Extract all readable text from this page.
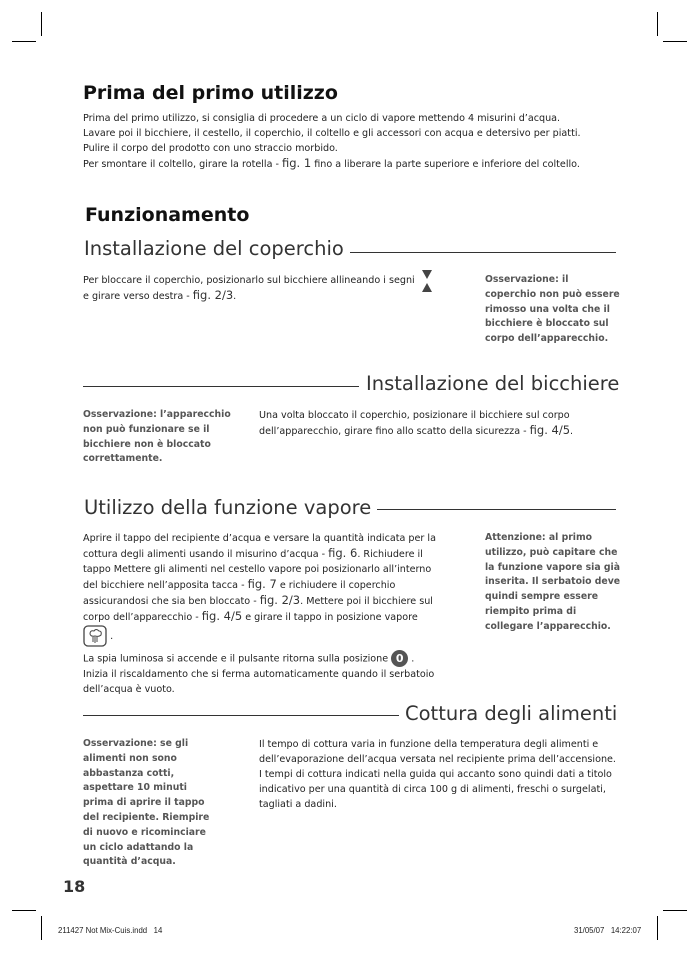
Prima del primo utilizzo
Prima del primo utilizzo, si consiglia di procedere a un ciclo di vapore mettendo 4 misurini d’acqua.
Lavare poi il bicchiere, il cestello, il coperchio, il coltello e gli accessori con acqua e detersivo per piatti.
Pulire il corpo del prodotto con uno straccio morbido.
Per smontare il coltello, girare la rotella - fig. 1 fino a liberare la parte superiore e inferiore del coltello.
Funzionamento
Installazione del coperchio
Per bloccare il coperchio, posizionarlo sul bicchiere allineando i segni
e girare verso destra - fig. 2/3.
Osservazione: il coperchio non può essere rimosso una volta che il bicchiere è bloccato sul corpo dell’apparecchio.
Installazione del bicchiere
Osservazione: l’apparecchio non può funzionare se il bicchiere non è bloccato correttamente.
Una volta bloccato il coperchio, posizionare il bicchiere sul corpo dell’apparecchio, girare fino allo scatto della sicurezza - fig. 4/5.
Utilizzo della funzione vapore
Aprire il tappo del recipiente d’acqua e versare la quantità indicata per la cottura degli alimenti usando il misurino d’acqua - fig. 6. Richiudere il tappo Mettere gli alimenti nel cestello vapore poi posizionarlo all’interno del bicchiere nell’apposita tacca - fig. 7 e richiudere il coperchio assicurandosi che sia ben bloccato - fig. 2/3. Mettere poi il bicchiere sul corpo dell’apparecchio - fig. 4/5 e girare il tappo in posizione vapore  .
La spia luminosa si accende e il pulsante ritorna sulla posizione 0 . Inizia il riscaldamento che si ferma automaticamente quando il serbatoio dell’acqua è vuoto.
Attenzione: al primo utilizzo, può capitare che la funzione vapore sia già inserita. Il serbatoio deve quindi sempre essere riempito prima di collegare l’apparecchio.
Cottura degli alimenti
Osservazione: se gli alimenti non sono abbastanza cotti, aspettare 10 minuti prima di aprire il tappo del recipiente. Riempire di nuovo e ricominciare un ciclo adattando la quantità d’acqua.
Il tempo di cottura varia in funzione della temperatura degli alimenti e dell’evaporazione dell’acqua versata nel recipiente prima dell’accensione. I tempi di cottura indicati nella guida qui accanto sono quindi dati a titolo indicativo per una quantità di circa 100 g di alimenti, freschi o surgelati, tagliati a dadini.
18
211427 Not Mix-Cuis.indd   14	31/05/07   14:22:07
